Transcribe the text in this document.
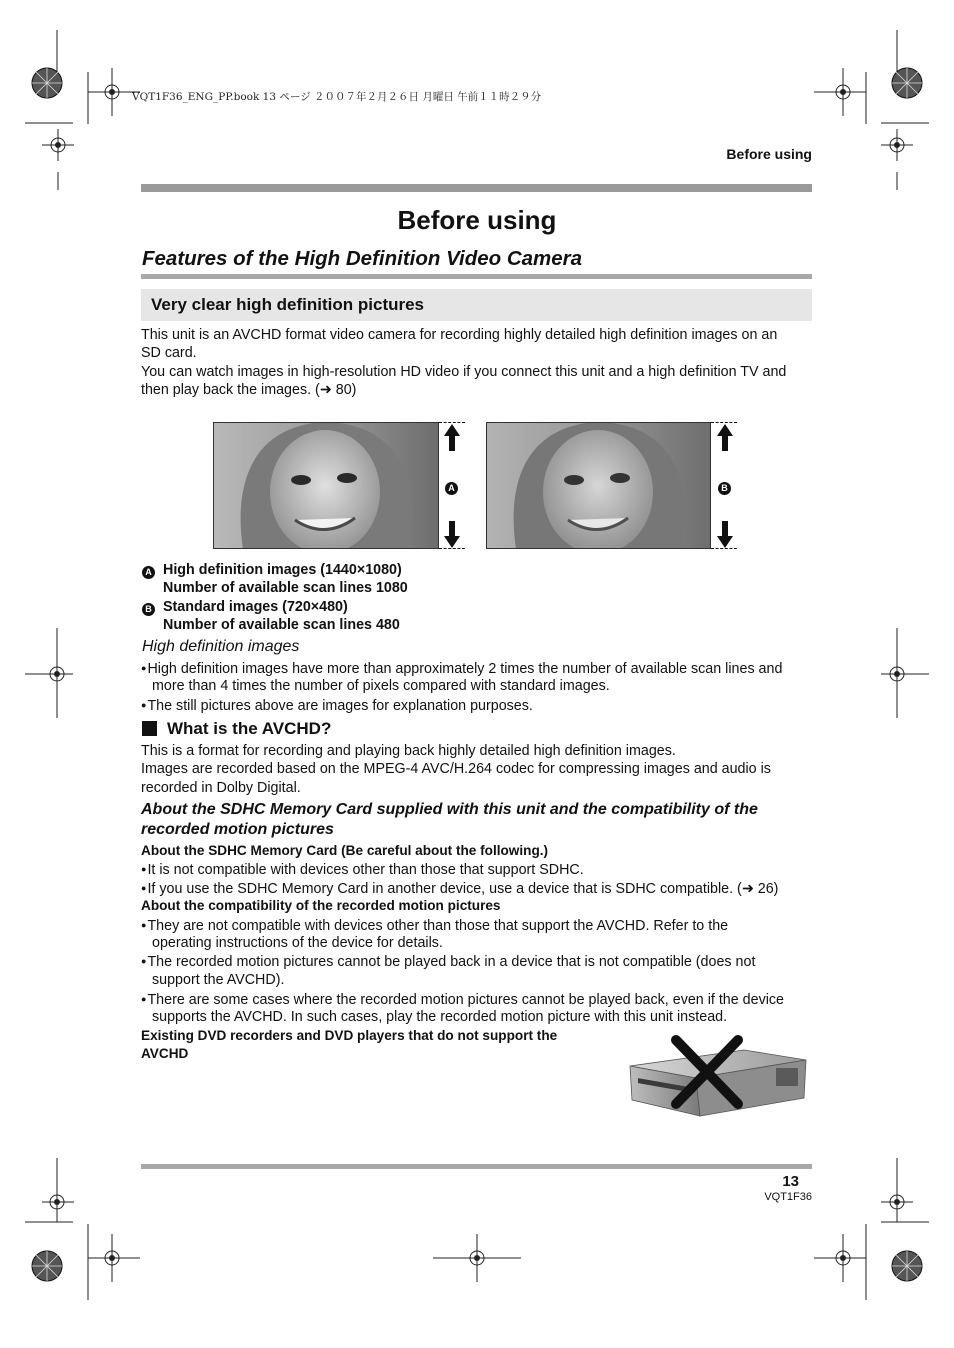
VQT1F36_ENG_PP.book 13 ページ ２００７年２月２６日 月曜日 午前１１時２９分
Before using
Before using
Features of the High Definition Video Camera
Very clear high definition pictures
This unit is an AVCHD format video camera for recording highly detailed high definition images on an
SD card.
You can watch images in high-resolution HD video if you connect this unit and a high definition TV and
then play back the images. (➜ 80)
A	B
A High definition images (1440×1080)
Number of available scan lines 1080
B Standard images (720×480)
Number of available scan lines 480
High definition images
●High definition images have more than approximately 2 times the number of available scan lines and
more than 4 times the number of pixels compared with standard images.
●The still pictures above are images for explanation purposes.
What is the AVCHD?
This is a format for recording and playing back highly detailed high definition images.
Images are recorded based on the MPEG-4 AVC/H.264 codec for compressing images and audio is
recorded in Dolby Digital.
About the SDHC Memory Card supplied with this unit and the compatibility of the
recorded motion pictures
About the SDHC Memory Card (Be careful about the following.)
●It is not compatible with devices other than those that support SDHC.
●If you use the SDHC Memory Card in another device, use a device that is SDHC compatible. (➜ 26)
About the compatibility of the recorded motion pictures
●They are not compatible with devices other than those that support the AVCHD. Refer to the
operating instructions of the device for details.
●The recorded motion pictures cannot be played back in a device that is not compatible (does not
support the AVCHD).
●There are some cases where the recorded motion pictures cannot be played back, even if the device
supports the AVCHD. In such cases, play the recorded motion picture with this unit instead.
Existing DVD recorders and DVD players that do not support the
AVCHD
13
VQT1F36
